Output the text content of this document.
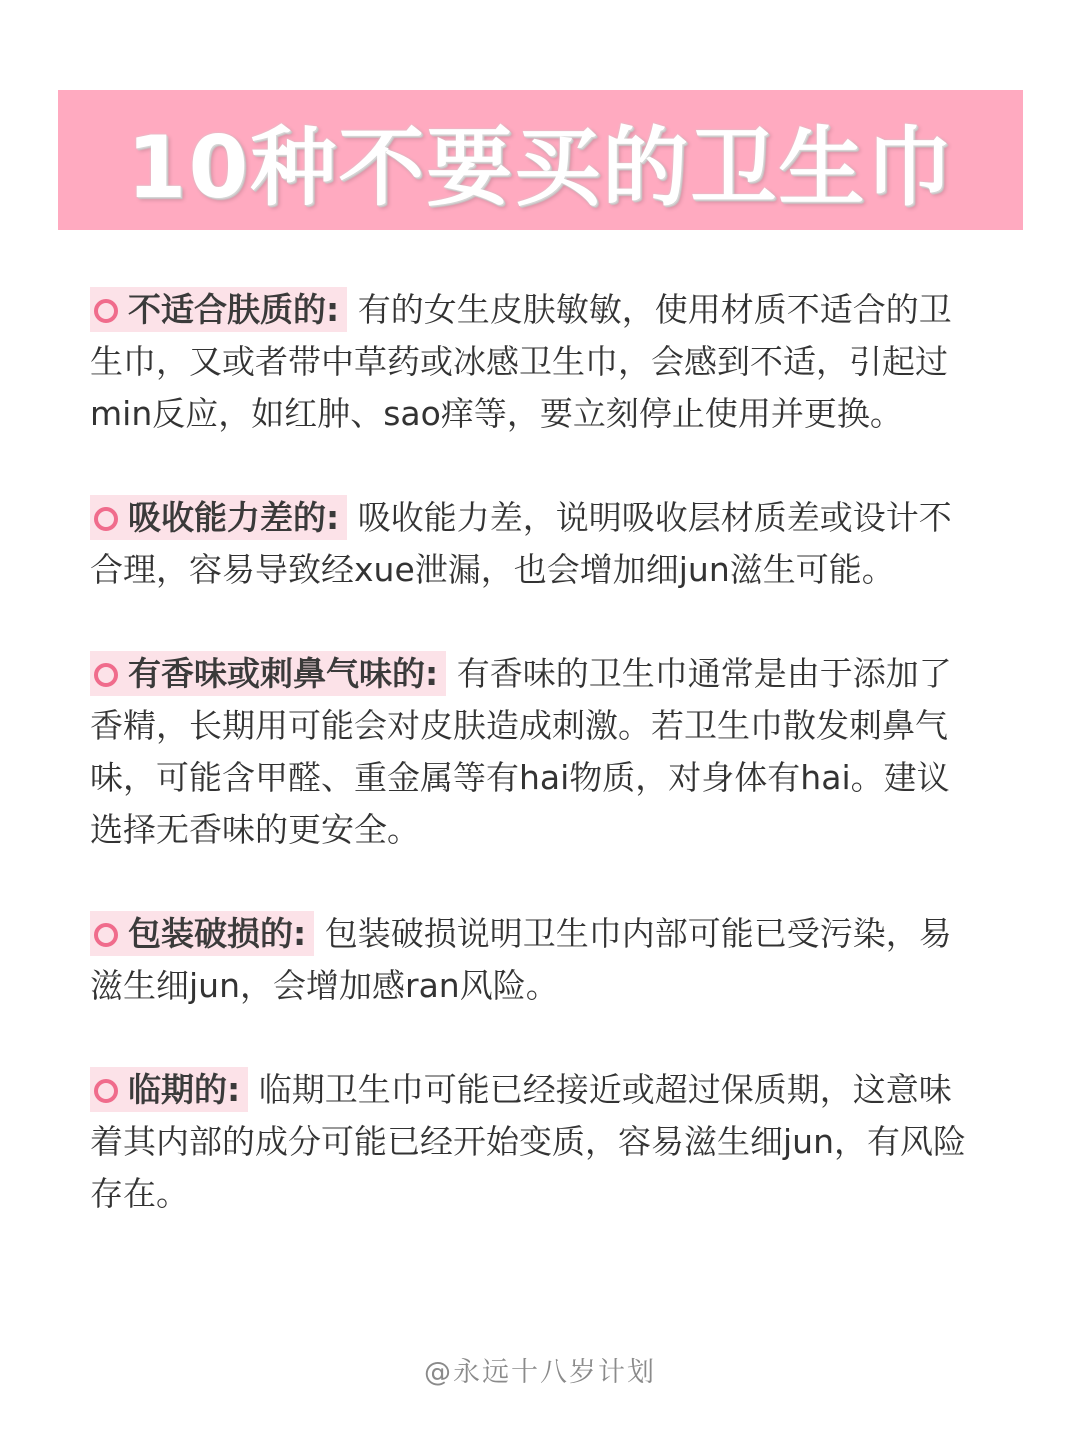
10种不要买的卫生巾
不适合肤质的: 有的女生皮肤敏敏，使用材质不适合的卫生巾，又或者带中草药或冰感卫生巾，会感到不适，引起过min反应，如红肿、sao痒等，要立刻停止使用并更换。
吸收能力差的: 吸收能力差，说明吸收层材质差或设计不合理，容易导致经xue泄漏，也会增加细jun滋生可能。
有香味或刺鼻气味的: 有香味的卫生巾通常是由于添加了香精，长期用可能会对皮肤造成刺激。若卫生巾散发刺鼻气味，可能含甲醛、重金属等有hai物质，对身体有hai。建议选择无香味的更安全。
包装破损的: 包装破损说明卫生巾内部可能已受污染，易滋生细jun，会增加感ran风险。
临期的: 临期卫生巾可能已经接近或超过保质期，这意味着其内部的成分可能已经开始变质，容易滋生细jun，有风险存在。
@永远十八岁计划
